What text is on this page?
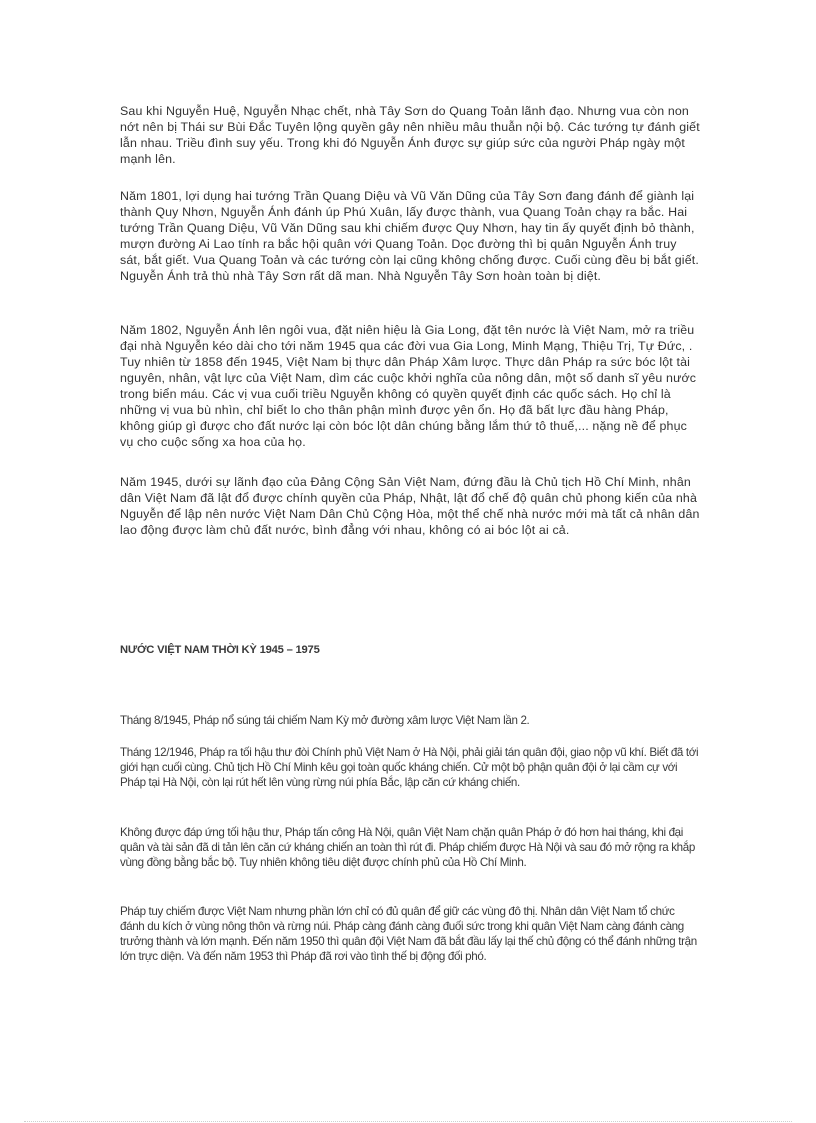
Sau khi Nguyễn Huệ, Nguyễn Nhạc chết, nhà Tây Sơn do Quang Toản lãnh đạo. Nhưng vua còn non nớt nên bị Thái sư Bùi Đắc Tuyên lộng quyền gây nên nhiều mâu thuẫn nội bộ. Các tướng tự đánh giết lẫn nhau. Triều đình suy yếu. Trong khi đó Nguyễn Ánh được sự giúp sức của người Pháp ngày một mạnh lên.

Năm 1801, lợi dụng hai tướng Trần Quang Diệu và Vũ Văn Dũng của Tây Sơn đang đánh để giành lại thành Quy Nhơn, Nguyễn Ánh đánh úp Phú Xuân, lấy được thành, vua Quang Toản chạy ra bắc. Hai tướng Trần Quang Diệu, Vũ Văn Dũng sau khi chiếm được Quy Nhơn, hay tin ấy quyết định bỏ thành, mượn đường Ai Lao tính ra bắc hội quân với Quang Toản. Dọc đường thì bị quân Nguyễn Ánh truy sát, bắt giết. Vua Quang Toản và các tướng còn lại cũng không chống được. Cuối cùng đều bị bắt giết. Nguyễn Ánh trả thù nhà Tây Sơn rất dã man. Nhà Nguyễn Tây Sơn hoàn toàn bị diệt.

Năm 1802, Nguyễn Ánh lên ngôi vua, đặt niên hiệu là Gia Long, đặt tên nước là Việt Nam, mở ra triều đại nhà Nguyễn kéo dài cho tới năm 1945 qua các đời vua Gia Long, Minh Mạng, Thiệu Trị, Tự Đức, . Tuy nhiên từ 1858 đến 1945, Việt Nam bị thực dân Pháp Xâm lược. Thực dân Pháp ra sức bóc lột tài nguyên, nhân, vật lực của Việt Nam, dìm các cuộc khởi nghĩa của nông dân, một số danh sĩ yêu nước trong biển máu. Các vị vua cuối triều Nguyễn không có quyền quyết định các quốc sách. Họ chỉ là những vị vua bù nhìn, chỉ biết lo cho thân phận mình được yên ổn. Họ đã bất lực đầu hàng Pháp, không giúp gì được cho đất nước lại còn bóc lột dân chúng bằng lắm thứ tô thuế,... nặng nề để phục vụ cho cuộc sống xa hoa của họ.

Năm 1945, dưới sự lãnh đạo của Đảng Cộng Sản Việt Nam, đứng đầu là Chủ tịch Hồ Chí Minh, nhân dân Việt Nam đã lật đổ được chính quyền của Pháp, Nhật, lật đổ chế độ quân chủ phong kiến của nhà Nguyễn để lập nên nước Việt Nam Dân Chủ Cộng Hòa, một thể chế nhà nước mới mà tất cả nhân dân lao động được làm chủ đất nước, bình đẳng với nhau, không có ai bóc lột ai cả.

NƯỚC VIỆT NAM THỜI KỲ 1945 – 1975

Tháng 8/1945, Pháp nổ súng tái chiếm Nam Kỳ mở đường xâm lược Việt Nam lần 2.

Tháng 12/1946, Pháp ra tối hậu thư đòi Chính phủ Việt Nam ở Hà Nội, phải giải tán quân đội, giao nộp vũ khí. Biết đã tới giới hạn cuối cùng. Chủ tịch Hồ Chí Minh kêu gọi toàn quốc kháng chiến. Cử một bộ phận quân đội ở lại cầm cự với Pháp tại Hà Nội, còn lại rút hết lên vùng rừng núi phía Bắc, lập căn cứ kháng chiến.

Không được đáp ứng tối hậu thư, Pháp tấn công Hà Nội, quân Việt Nam chặn quân Pháp ở đó hơn hai tháng, khi đại quân và tài sản đã di tản lên căn cứ kháng chiến an toàn thì rút đi. Pháp chiếm được Hà Nội và sau đó mở rộng ra khắp vùng đồng bằng bắc bộ. Tuy nhiên không tiêu diệt được chính phủ của Hồ Chí Minh.

Pháp tuy chiếm được Việt Nam nhưng phần lớn chỉ có đủ quân để giữ các vùng đô thị. Nhân dân Việt Nam tổ chức đánh du kích ở vùng nông thôn và rừng núi. Pháp càng đánh càng đuối sức trong khi quân Việt Nam càng đánh càng trưởng thành và lớn mạnh. Đến năm 1950 thì quân đội Việt Nam đã bắt đầu lấy lại thế chủ động có thể đánh những trận lớn trực diện. Và đến năm 1953 thì Pháp đã rơi vào tình thế bị động đối phó.
